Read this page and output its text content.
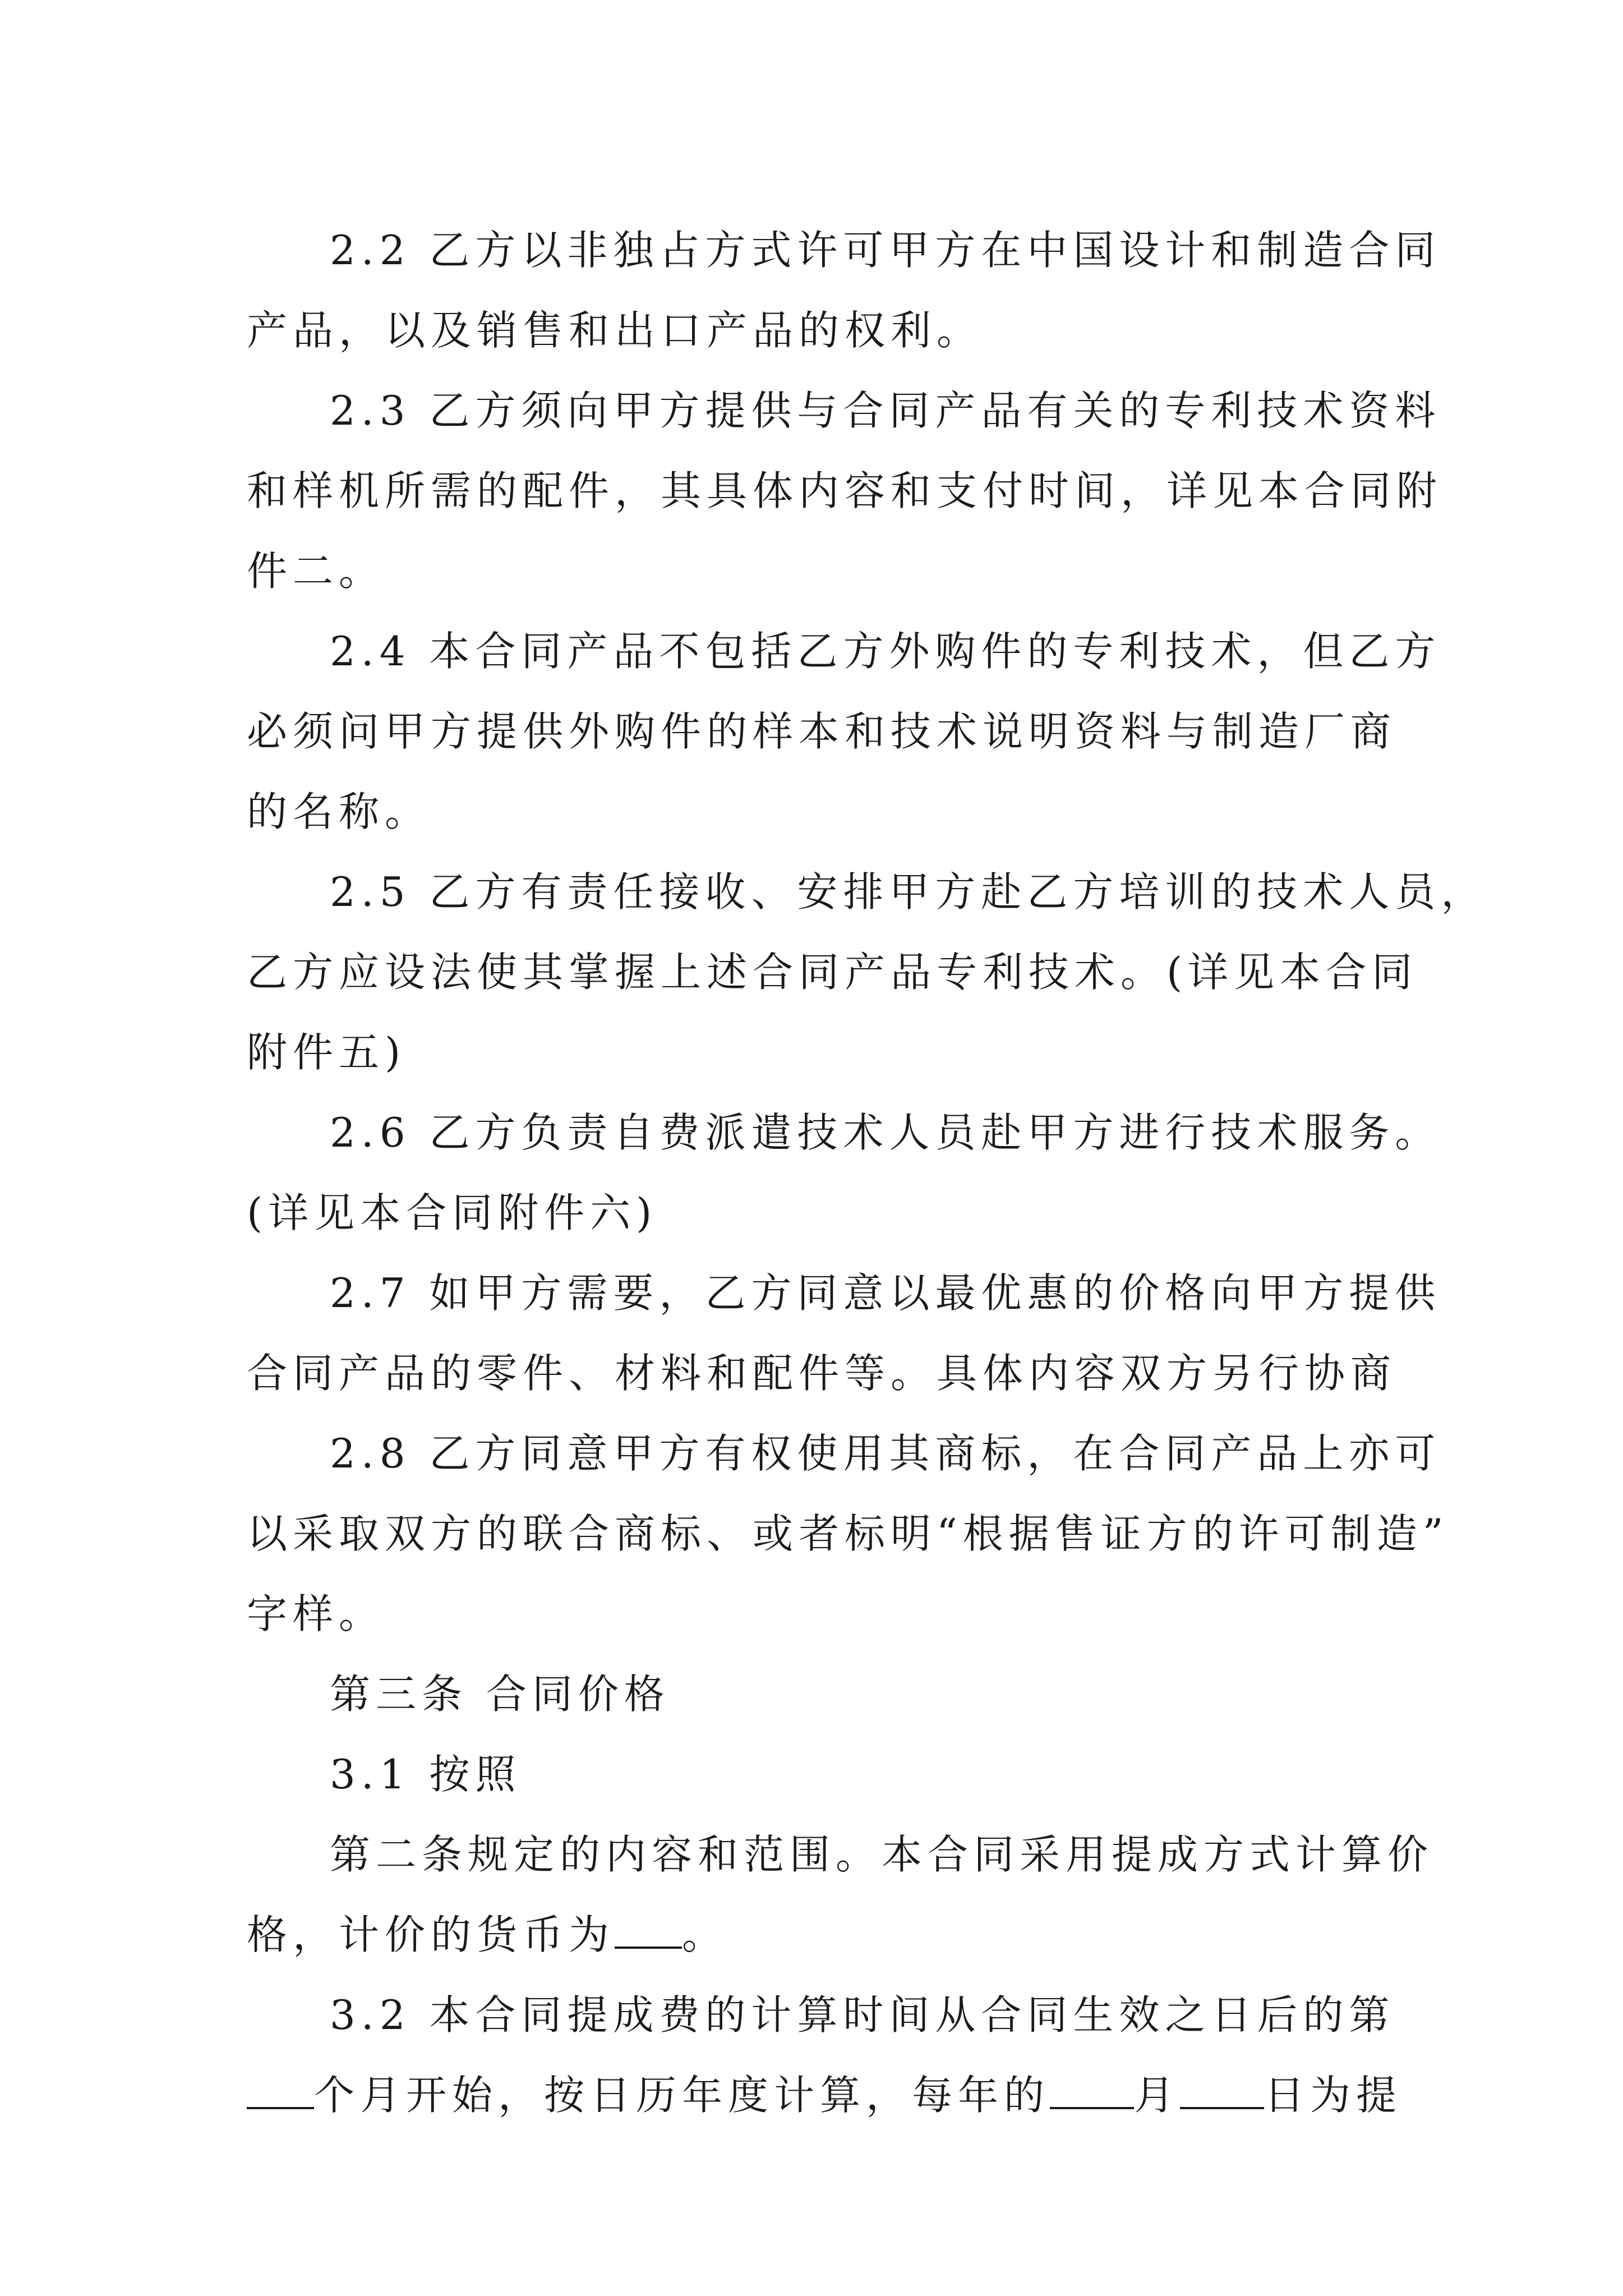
2.2 乙方以非独占方式许可甲方在中国设计和制造合同
产品，以及销售和出口产品的权利。
2.3 乙方须向甲方提供与合同产品有关的专利技术资料
和样机所需的配件，其具体内容和支付时间，详见本合同附
件二。
2.4 本合同产品不包括乙方外购件的专利技术，但乙方
必须问甲方提供外购件的样本和技术说明资料与制造厂商
的名称。
2.5 乙方有责任接收、安排甲方赴乙方培训的技术人员，
乙方应设法使其掌握上述合同产品专利技术。(详见本合同
附件五)
2.6 乙方负责自费派遣技术人员赴甲方进行技术服务。
(详见本合同附件六)
2.7 如甲方需要，乙方同意以最优惠的价格向甲方提供
合同产品的零件、材料和配件等。具体内容双方另行协商
2.8 乙方同意甲方有权使用其商标，在合同产品上亦可
以采取双方的联合商标、或者标明“根据售证方的许可制造”
字样。
第三条 合同价格
3.1 按照
第二条规定的内容和范围。本合同采用提成方式计算价
格，计价的货币为 。
3.2 本合同提成费的计算时间从合同生效之日后的第
个月开始，按日历年度计算，每年的 月 日为提
